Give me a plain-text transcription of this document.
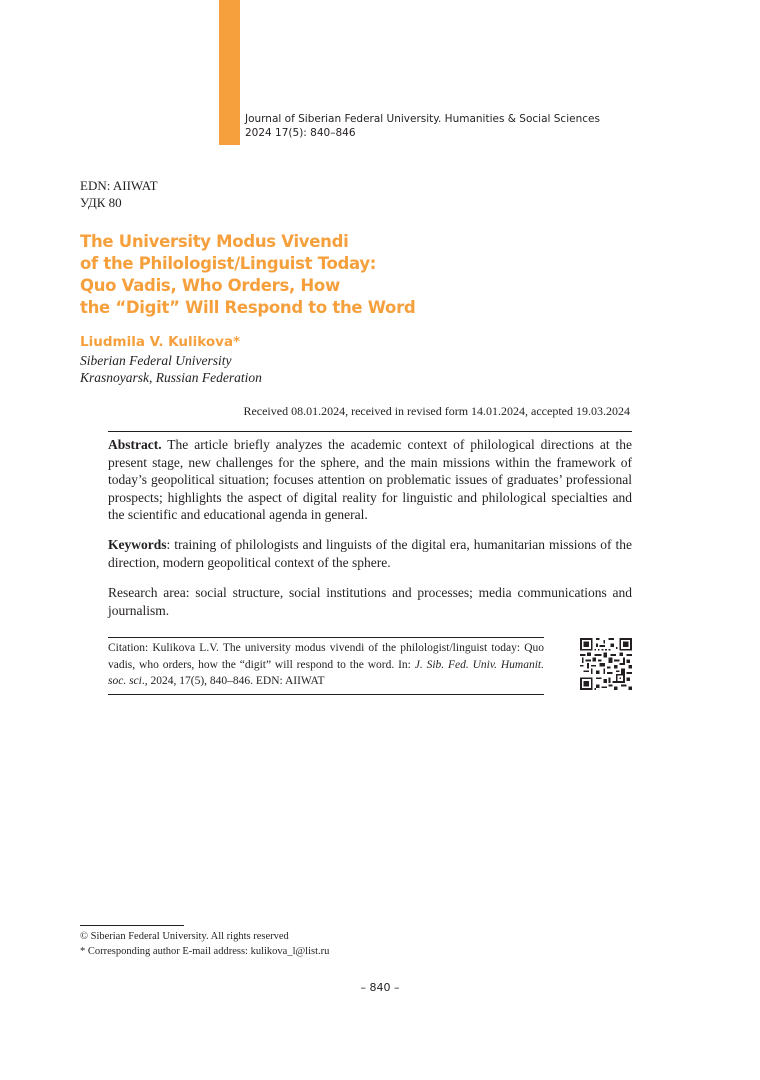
Journal of Siberian Federal University. Humanities & Social Sciences
2024 17(5): 840–846
EDN: AIIWAT
УДК 80
The University Modus Vivendi
of the Philologist/Linguist Today:
Quo Vadis, Who Orders, How
the “Digit” Will Respond to the Word
Liudmila V. Kulikova*
Siberian Federal University
Krasnoyarsk, Russian Federation
Received 08.01.2024, received in revised form 14.01.2024, accepted 19.03.2024

Abstract. The article briefly analyzes the academic context of philological directions at the present stage, new challenges for the sphere, and the main missions within the framework of today’s geopolitical situation; focuses attention on problematic issues of graduates’ professional prospects; highlights the aspect of digital reality for linguistic and philological specialties and the scientific and educational agenda in general.

Keywords: training of philologists and linguists of the digital era, humanitarian missions of the direction, modern geopolitical context of the sphere.

Research area: social structure, social institutions and processes; media communications and journalism.

Citation: Kulikova L.V. The university modus vivendi of the philologist/linguist today: Quo vadis, who orders, how the “digit” will respond to the word. In: J. Sib. Fed. Univ. Humanit. soc. sci., 2024, 17(5), 840–846. EDN: AIIWAT

© Siberian Federal University. All rights reserved
* Corresponding author E-mail address: kulikova_l@list.ru
– 840 –
